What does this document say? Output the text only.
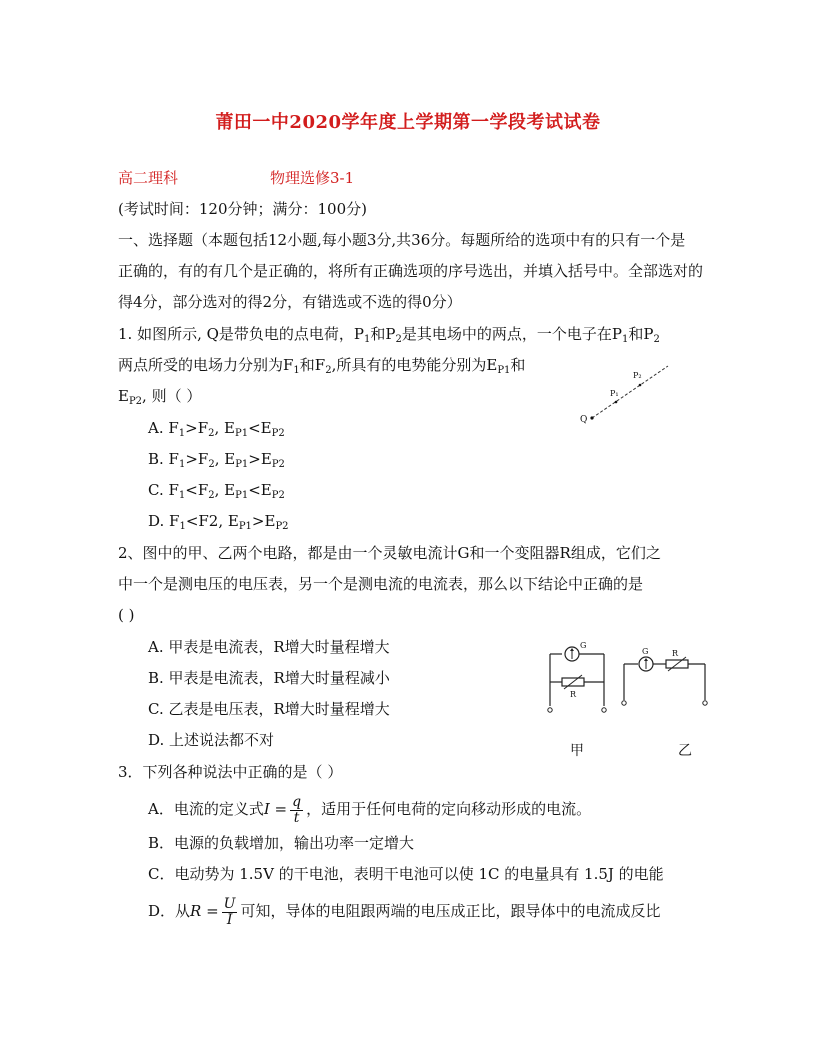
莆田一中2020学年度上学期第一学段考试试卷
高二理科	物理选修3-1
(考试时间：120分钟；满分：100分)
一、选择题（本题包括12小题,每小题3分,共36分。每题所给的选项中有的只有一个是
正确的，有的有几个是正确的，将所有正确选项的序号选出，并填入括号中。全部选对的
得4分，部分选对的得2分，有错选或不选的得0分）
1. 如图所示, Q是带负电的点电荷，$P_1$和$P_2$是其电场中的两点，一个电子在$P_1$和$P_2$
两点所受的电场力分别为$F_1$和$F_2$,所具有的电势能分别为$E_{P1}$和
$E_{P2}$, 则（ ）
A. $F_1>F_2$, $E_{P1}<E_{P2}$
B. $F_1>F_2$, $E_{P1}>E_{P2}$
C. $F_1<F_2$, $E_{P1}<E_{P2}$
D. $F_1<F2$, $E_{P1}>E_{P2}$
Q
P₁
P₂
2、图中的甲、乙两个电路，都是由一个灵敏电流计G和一个变阻器R组成，它们之
中一个是测电压的电压表，另一个是测电流的电流表，那么以下结论中正确的是
( )
A. 甲表是电流表，R增大时量程增大
B. 甲表是电流表，R增大时量程减小
C. 乙表是电压表，R增大时量程增大
D. 上述说法都不对
G
R
甲
G	R
乙
3．下列各种说法中正确的是（ ）
A．电流的定义式$I = \frac{q}{t}$ ，适用于任何电荷的定向移动形成的电流。
B．电源的负载增加，输出功率一定增大
C．电动势为 1.5V 的干电池，表明干电池可以使 1C 的电量具有 1.5J 的电能
D．从$R = \frac{U}{I}$ 可知，导体的电阻跟两端的电压成正比，跟导体中的电流成反比
